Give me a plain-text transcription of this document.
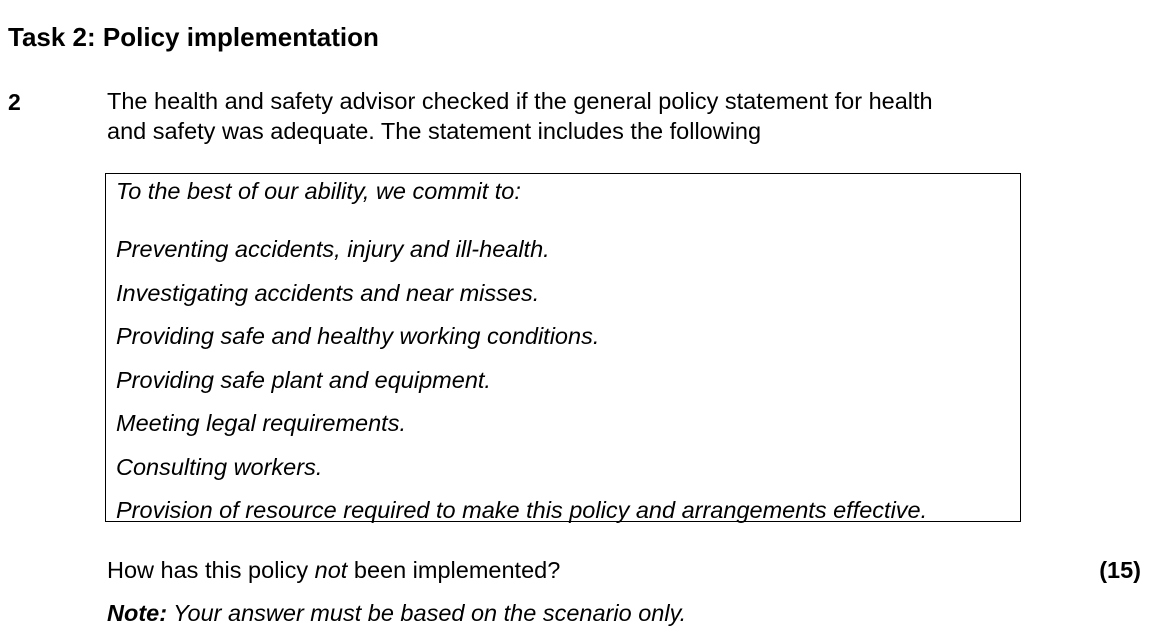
Task 2: Policy implementation
2	The health and safety advisor checked if the general policy statement for health
and safety was adequate. The statement includes the following
To the best of our ability, we commit to:
Preventing accidents, injury and ill-health.
Investigating accidents and near misses.
Providing safe and healthy working conditions.
Providing safe plant and equipment.
Meeting legal requirements.
Consulting workers.
Provision of resource required to make this policy and arrangements effective.
How has this policy not been implemented?	(15)
Note: Your answer must be based on the scenario only.
